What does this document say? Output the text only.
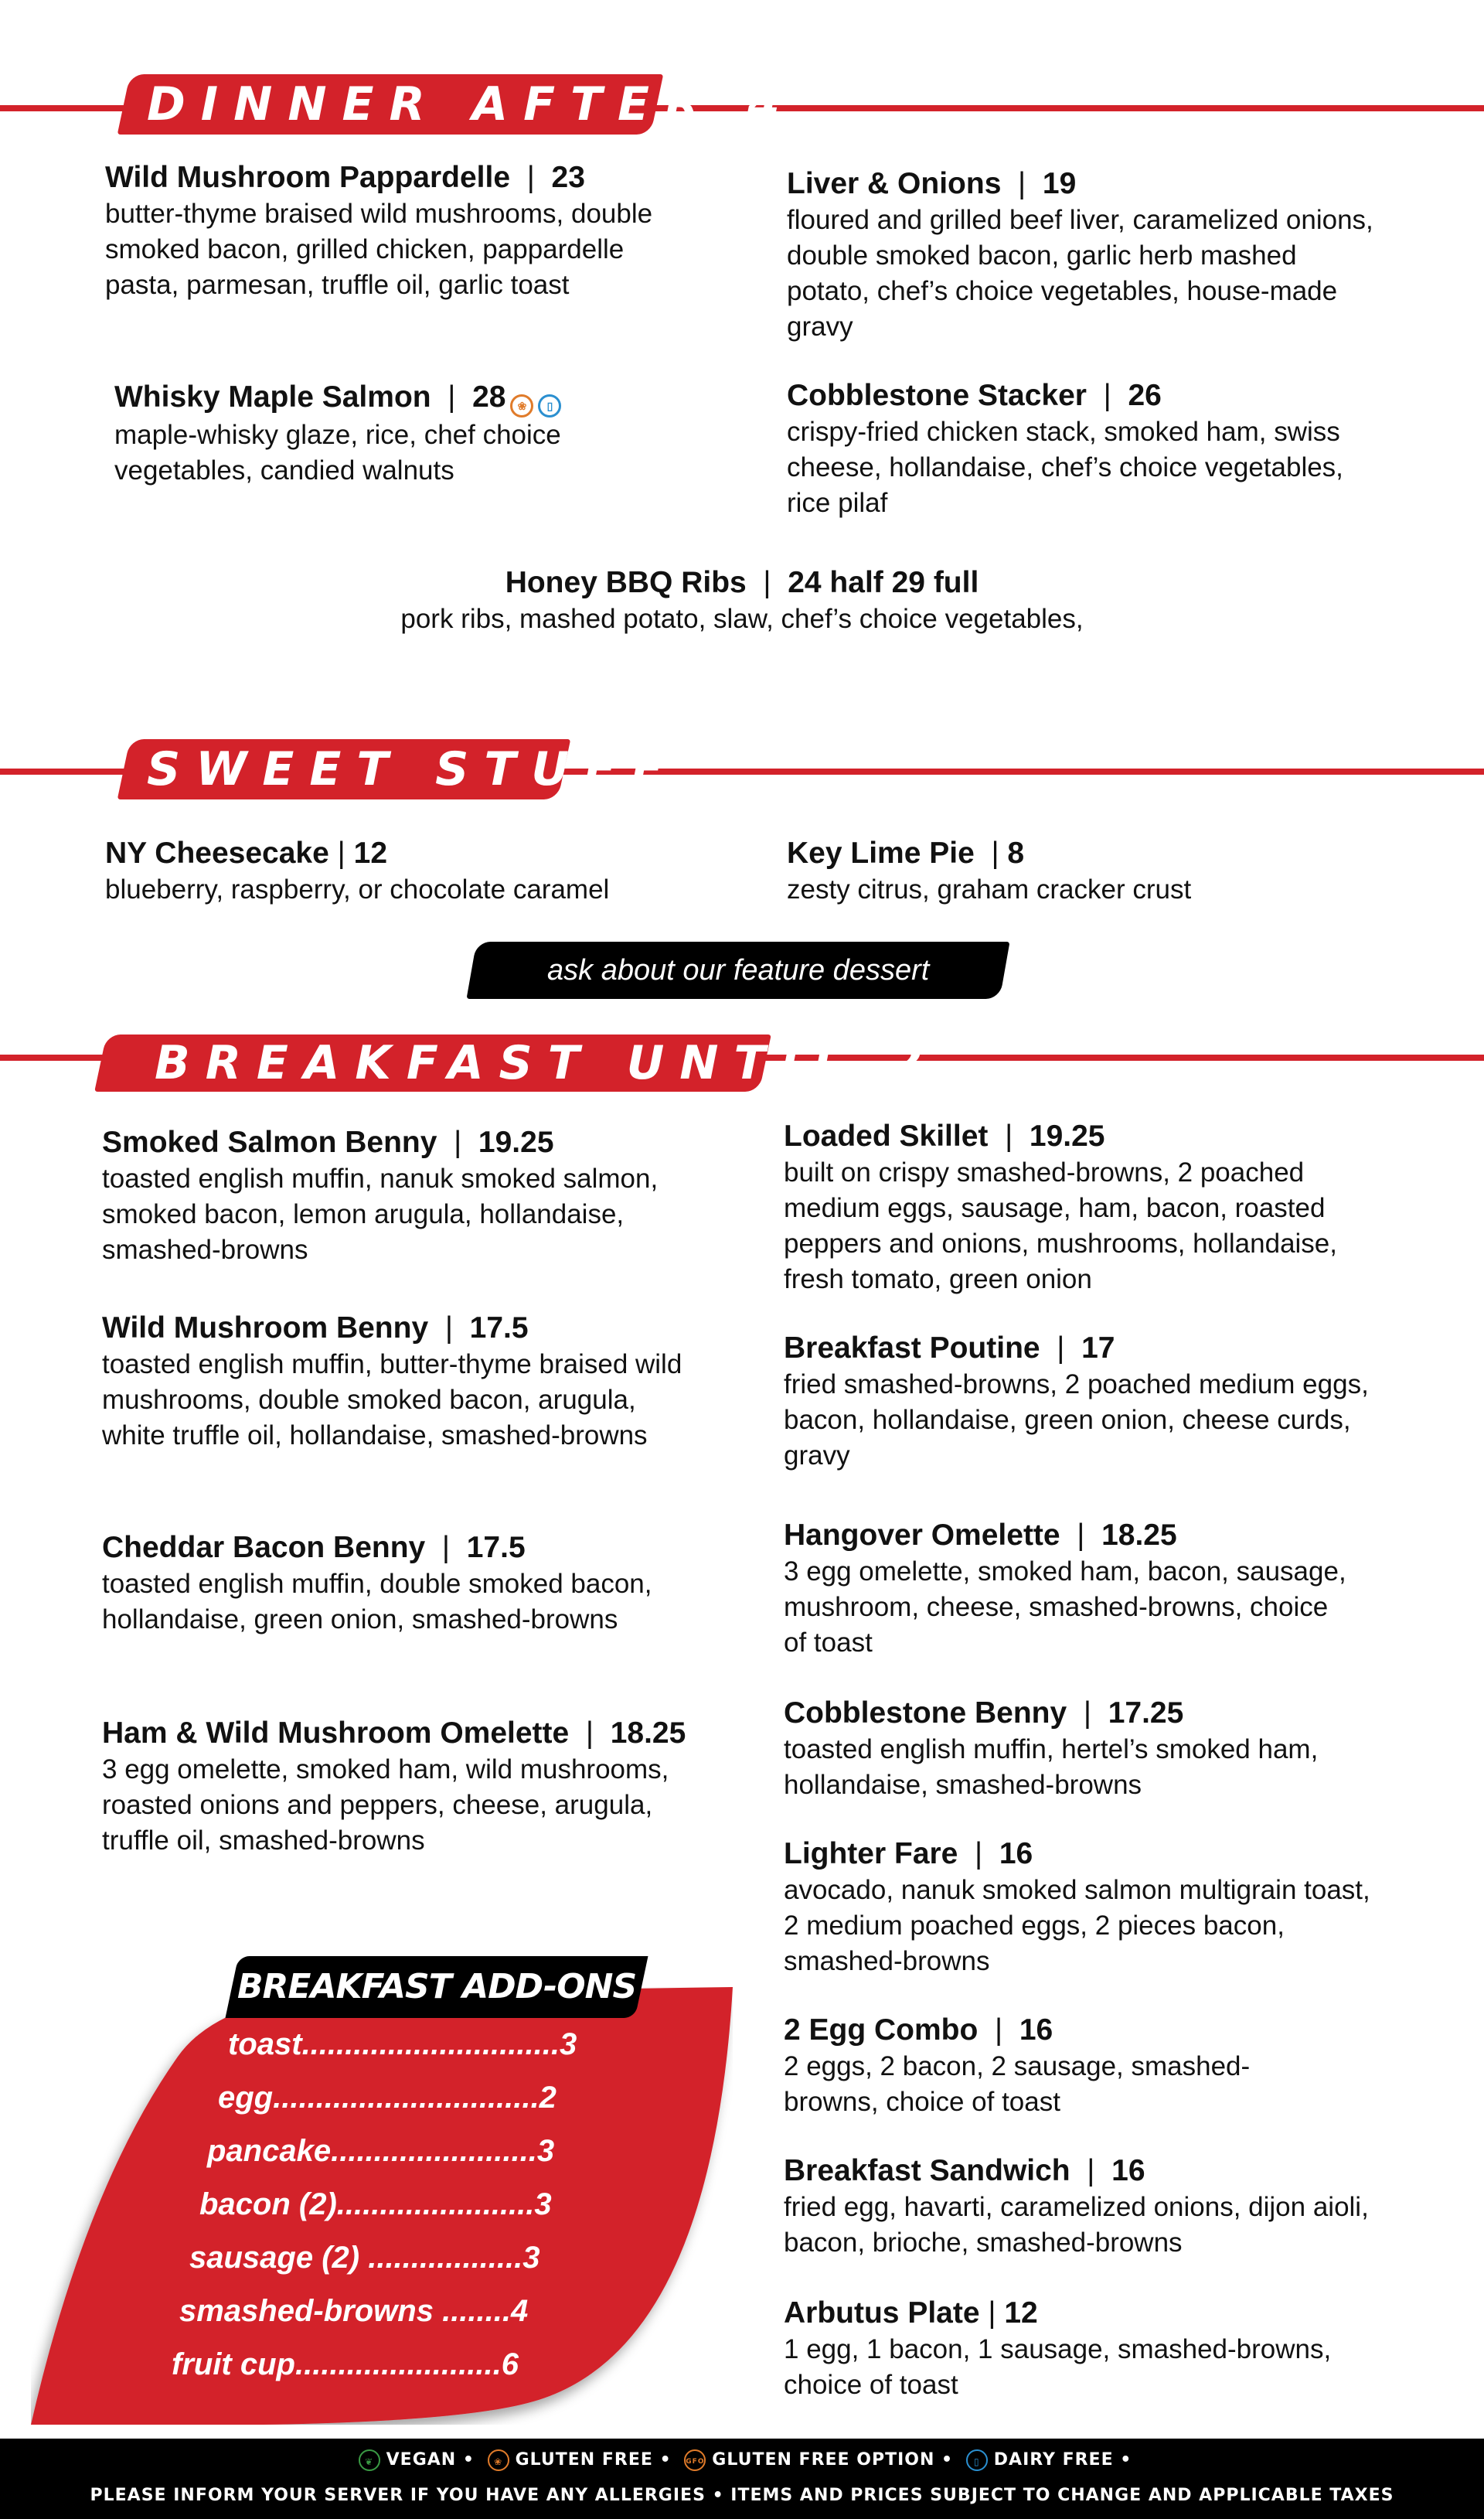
DINNER AFTER 4
Wild Mushroom Pappardelle  |  23
butter-thyme braised wild mushrooms, double smoked bacon, grilled chicken, pappardelle pasta, parmesan, truffle oil, garlic toast
Liver & Onions  |  19
floured and grilled beef liver, caramelized onions, double smoked bacon, garlic herb mashed potato, chef’s choice vegetables, house-made gravy
Whisky Maple Salmon  |  28 ❀ ▯
maple-whisky glaze, rice, chef choice vegetables, candied walnuts
Cobblestone Stacker  |  26
crispy-fried chicken stack, smoked ham, swiss cheese, hollandaise, chef’s choice vegetables, rice pilaf
Honey BBQ Ribs  |  24 half 29 full
pork ribs, mashed potato, slaw, chef’s choice vegetables,
SWEET STUFF
NY Cheesecake | 12
blueberry, raspberry, or chocolate caramel
Key Lime Pie  | 8
zesty citrus, graham cracker crust
ask about our feature dessert
BREAKFAST UNTIL 2
Smoked Salmon Benny  |  19.25
toasted english muffin, nanuk smoked salmon, smoked bacon, lemon arugula, hollandaise, smashed-browns
Wild Mushroom Benny  |  17.5
toasted english muffin, butter-thyme braised wild mushrooms, double smoked bacon, arugula, white truffle oil, hollandaise, smashed-browns
Cheddar Bacon Benny  |  17.5
toasted english muffin, double smoked bacon, hollandaise, green onion, smashed-browns
Ham & Wild Mushroom Omelette  |  18.25
3 egg omelette, smoked ham, wild mushrooms, roasted onions and peppers, cheese, arugula, truffle oil, smashed-browns
Loaded Skillet  |  19.25
built on crispy smashed-browns, 2 poached medium eggs, sausage, ham, bacon, roasted peppers and onions, mushrooms, hollandaise, fresh tomato, green onion
Breakfast Poutine  |  17
fried smashed-browns, 2 poached medium eggs, bacon, hollandaise, green onion, cheese curds, gravy
Hangover Omelette  |  18.25
3 egg omelette, smoked ham, bacon, sausage, mushroom, cheese, smashed-browns, choice of toast
Cobblestone Benny  |  17.25
toasted english muffin, hertel’s smoked ham, hollandaise, smashed-browns
Lighter Fare  |  16
avocado, nanuk smoked salmon multigrain toast, 2 medium poached eggs, 2 pieces bacon, smashed-browns
2 Egg Combo  |  16
2 eggs, 2 bacon, 2 sausage, smashed-browns, choice of toast
Breakfast Sandwich  |  16
fried egg, havarti, caramelized onions, dijon aioli, bacon, brioche, smashed-browns
Arbutus Plate | 12
1 egg, 1 bacon, 1 sausage, smashed-browns, choice of toast
BREAKFAST ADD-ONS
toast..............................3
egg...............................2
pancake........................3
bacon (2).......................3
sausage (2) ..................3
smashed-browns ........4
fruit cup........................6
❦ VEGAN • ❀ GLUTEN FREE • GFO GLUTEN FREE OPTION • ▯ DAIRY FREE •
PLEASE INFORM YOUR SERVER IF YOU HAVE ANY ALLERGIES • ITEMS AND PRICES SUBJECT TO CHANGE AND APPLICABLE TAXES
